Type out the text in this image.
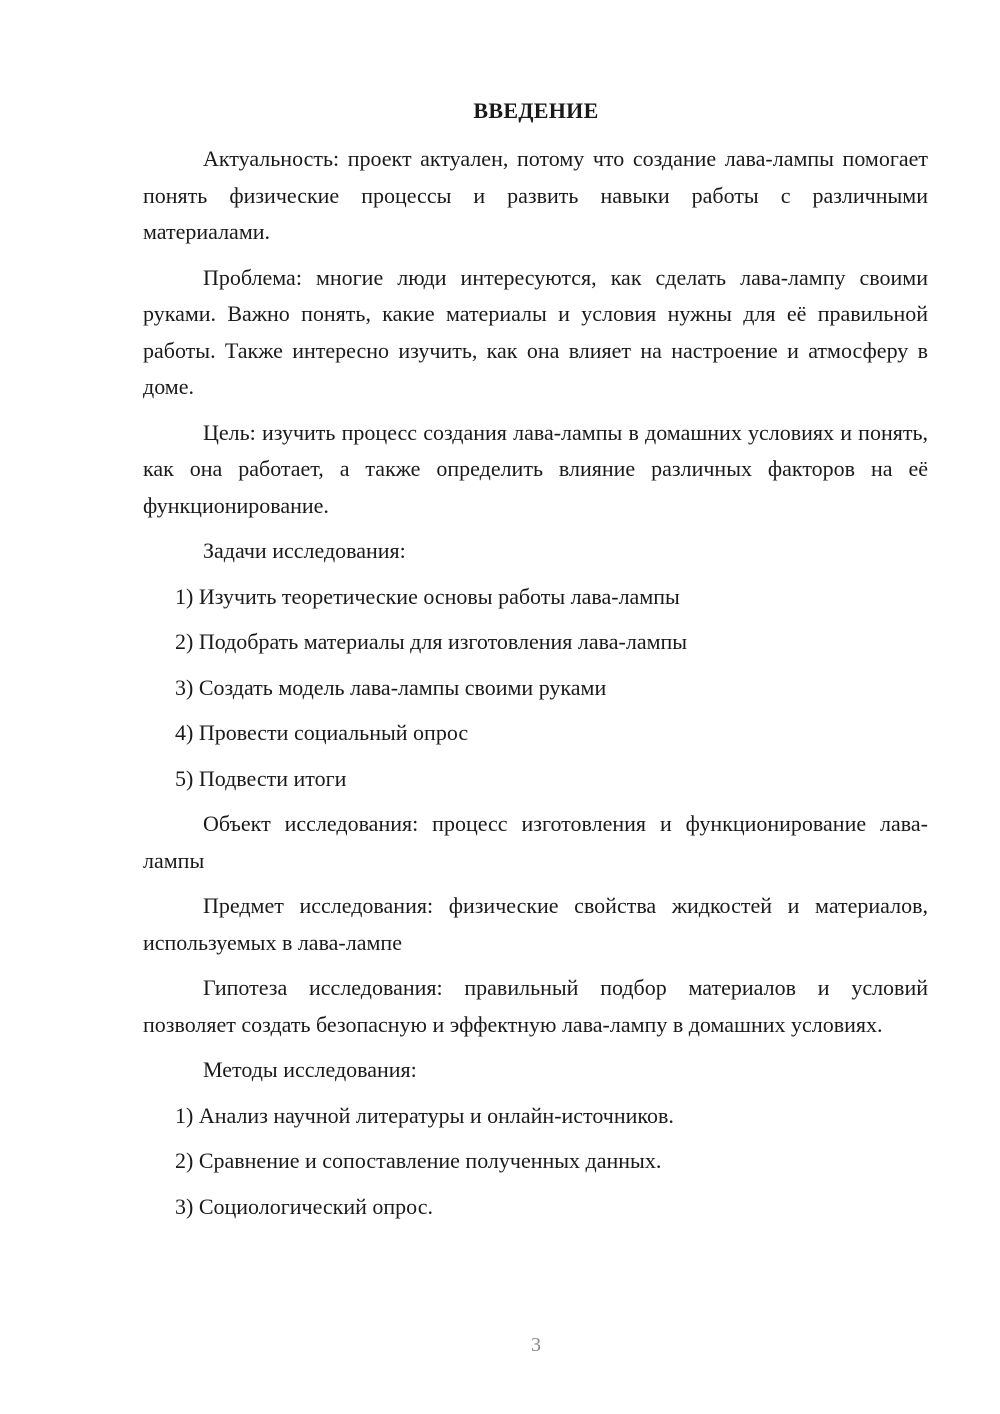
ВВЕДЕНИЕ

Актуальность: проект актуален, потому что создание лава-лампы помогает понять физические процессы и развить навыки работы с различными материалами.

Проблема: многие люди интересуются, как сделать лава-лампу своими руками. Важно понять, какие материалы и условия нужны для её правильной работы. Также интересно изучить, как она влияет на настроение и атмосферу в доме.

Цель: изучить процесс создания лава-лампы в домашних условиях и понять, как она работает, а также определить влияние различных факторов на её функционирование.

Задачи исследования:

1) Изучить теоретические основы работы лава-лампы
2) Подобрать материалы для изготовления лава-лампы
3) Создать модель лава-лампы своими руками
4) Провести социальный опрос
5) Подвести итоги

Объект исследования: процесс изготовления и функционирование лава-лампы

Предмет исследования: физические свойства жидкостей и материалов, используемых в лава-лампе

Гипотеза исследования: правильный подбор материалов и условий позволяет создать безопасную и эффектную лава-лампу в домашних условиях.

Методы исследования:

1) Анализ научной литературы и онлайн-источников.
2) Сравнение и сопоставление полученных данных.
3) Социологический опрос.
3
